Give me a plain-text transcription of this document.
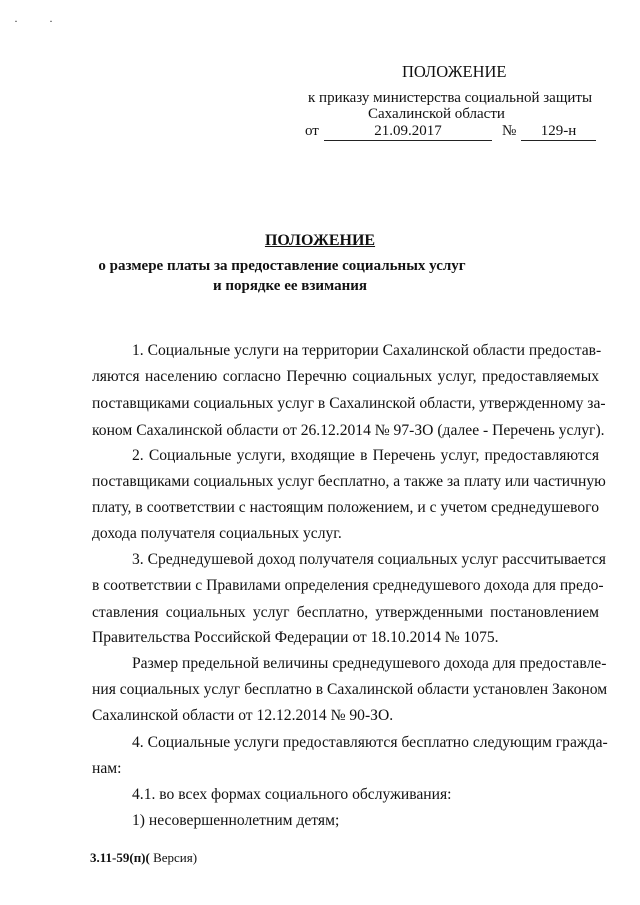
· ·
ПОЛОЖЕНИЕ
к приказу министерства социальной защиты
Сахалинской области
от	21.09.2017	№	129-н
ПОЛОЖЕНИЕ
о размере платы за предоставление социальных услуг
и порядке ее взимания
1. Социальные услуги на территории Сахалинской области предостав-
ляются населению согласно Перечню социальных услуг, предоставляемых
поставщиками социальных услуг в Сахалинской области, утвержденному за-
коном Сахалинской области от 26.12.2014 № 97-ЗО (далее - Перечень услуг).
2. Социальные услуги, входящие в Перечень услуг, предоставляются
поставщиками социальных услуг бесплатно, а также за плату или частичную
плату, в соответствии с настоящим положением, и с учетом среднедушевого
дохода получателя социальных услуг.
3. Среднедушевой доход получателя социальных услуг рассчитывается
в соответствии с Правилами определения среднедушевого дохода для предо-
ставления социальных услуг бесплатно, утвержденными постановлением
Правительства Российской Федерации от 18.10.2014 № 1075.
Размер предельной величины среднедушевого дохода для предоставле-
ния социальных услуг бесплатно в Сахалинской области установлен Законом
Сахалинской области от 12.12.2014 № 90-ЗО.
4. Социальные услуги предоставляются бесплатно следующим гражда-
нам:
4.1. во всех формах социального обслуживания:
1) несовершеннолетним детям;
3.11-59(п)( Версия)
